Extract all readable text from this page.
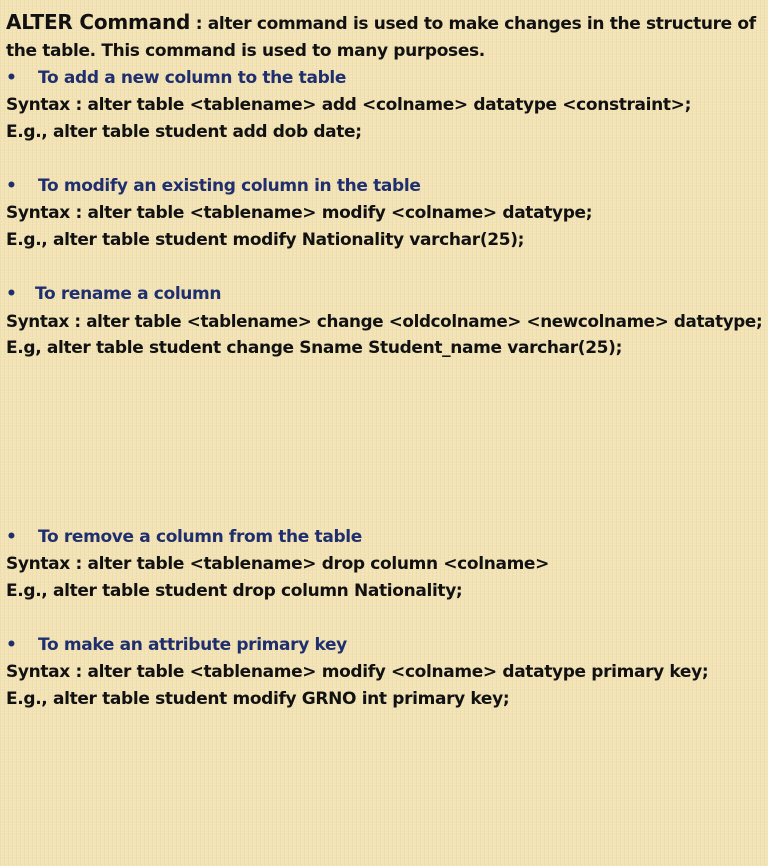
ALTER Command : alter command is used to make changes in the structure of
the table. This command is used to many purposes.
• To add a new column to the table
Syntax : alter table <tablename> add <colname> datatype <constraint>;
E.g., alter table student add dob date;
• To modify an existing column in the table
Syntax : alter table <tablename> modify <colname> datatype;
E.g., alter table student modify Nationality varchar(25);
• To rename a column
Syntax : alter table <tablename> change <oldcolname> <newcolname> datatype;
E.g, alter table student change Sname Student_name varchar(25);
• To remove a column from the table
Syntax : alter table <tablename> drop column <colname>
E.g., alter table student drop column Nationality;
• To make an attribute primary key
Syntax : alter table <tablename> modify <colname> datatype primary key;
E.g., alter table student modify GRNO int primary key;
